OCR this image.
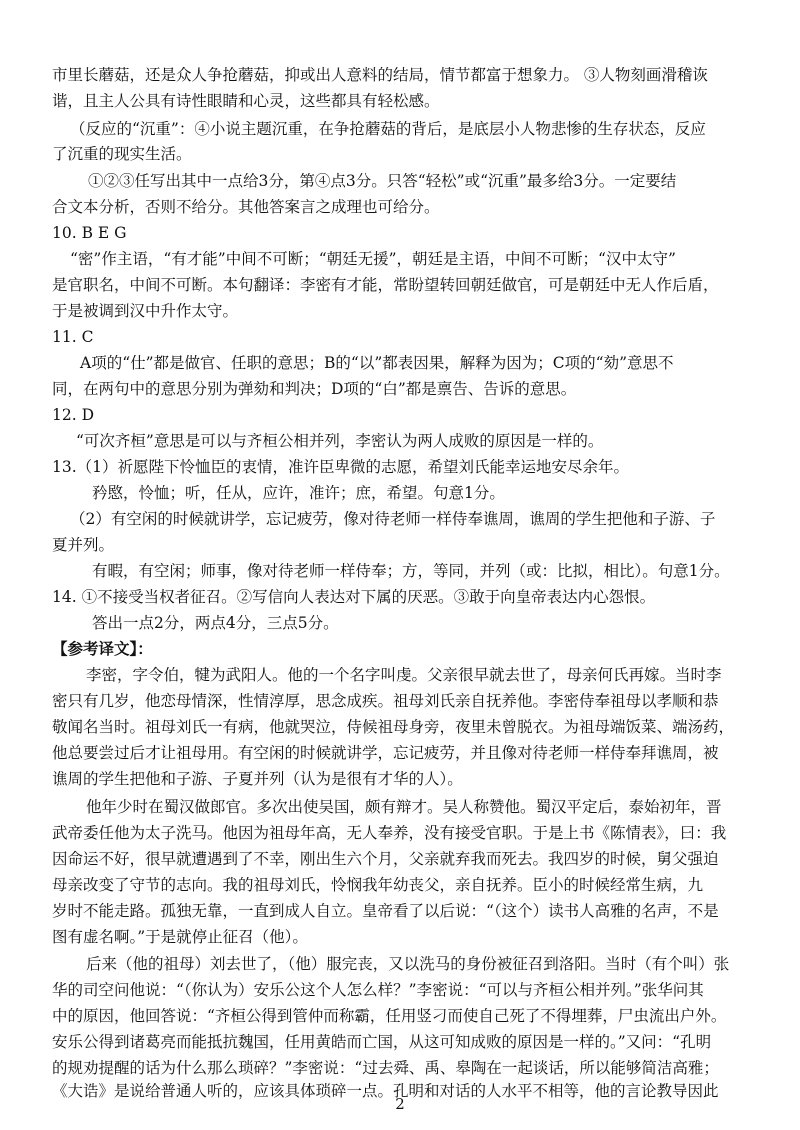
市里长蘑菇，还是众人争抢蘑菇，抑或出人意料的结局，情节都富于想象力。 ③人物刻画滑稽诙
谐，且主人公具有诗性眼睛和心灵，这些都具有轻松感。
（反应的“沉重”：④小说主题沉重，在争抢蘑菇的背后，是底层小人物悲惨的生存状态，反应
了沉重的现实生活。
①②③任写出其中一点给3分，第④点3分。只答“轻松”或“沉重”最多给3分。一定要结
合文本分析，否则不给分。其他答案言之成理也可给分。
10. B E G
“密”作主语，“有才能”中间不可断；“朝廷无援”，朝廷是主语，中间不可断；“汉中太守”
是官职名，中间不可断。本句翻译：李密有才能，常盼望转回朝廷做官，可是朝廷中无人作后盾，
于是被调到汉中升作太守。
11. C
A项的“仕”都是做官、任职的意思；B的“以”都表因果，解释为因为；C项的“劾”意思不
同，在两句中的意思分别为弹劾和判决；D项的“白”都是禀告、告诉的意思。
12. D
“可次齐桓”意思是可以与齐桓公相并列，李密认为两人成败的原因是一样的。
13.（1）祈愿陛下怜恤臣的衷情，准许臣卑微的志愿，希望刘氏能幸运地安尽余年。
矜愍，怜恤；听，任从，应许，准许；庶，希望。句意1分。
（2）有空闲的时候就讲学，忘记疲劳，像对待老师一样侍奉谯周，谯周的学生把他和子游、子
夏并列。
有暇，有空闲；师事，像对待老师一样侍奉；方，等同，并列（或：比拟，相比）。句意1分。
14. ①不接受当权者征召。②写信向人表达对下属的厌恶。③敢于向皇帝表达内心怨恨。
答出一点2分，两点4分，三点5分。
【参考译文】：
李密，字令伯，犍为武阳人。他的一个名字叫虔。父亲很早就去世了，母亲何氏再嫁。当时李
密只有几岁，他恋母情深，性情淳厚，思念成疾。祖母刘氏亲自抚养他。李密侍奉祖母以孝顺和恭
敬闻名当时。祖母刘氏一有病，他就哭泣，侍候祖母身旁，夜里未曾脱衣。为祖母端饭菜、端汤药，
他总要尝过后才让祖母用。有空闲的时候就讲学，忘记疲劳，并且像对待老师一样侍奉拜谯周，被
谯周的学生把他和子游、子夏并列（认为是很有才华的人）。
他年少时在蜀汉做郎官。多次出使吴国，颇有辩才。吴人称赞他。蜀汉平定后，泰始初年，晋
武帝委任他为太子洗马。他因为祖母年高，无人奉养，没有接受官职。于是上书《陈情表》，曰：我
因命运不好，很早就遭遇到了不幸，刚出生六个月，父亲就弃我而死去。我四岁的时候，舅父强迫
母亲改变了守节的志向。我的祖母刘氏，怜悯我年幼丧父，亲自抚养。臣小的时候经常生病，九
岁时不能走路。孤独无靠，一直到成人自立。皇帝看了以后说：“（这个）读书人高雅的名声，不是
图有虚名啊。”于是就停止征召（他）。
后来（他的祖母）刘去世了，（他）服完丧，又以洗马的身份被征召到洛阳。当时（有个叫）张
华的司空问他说：“（你认为）安乐公这个人怎么样？”李密说：“可以与齐桓公相并列。”张华问其
中的原因，他回答说：“齐桓公得到管仲而称霸，任用竖刁而使自己死了不得埋葬，尸虫流出户外。
安乐公得到诸葛亮而能抵抗魏国，任用黄皓而亡国，从这可知成败的原因是一样的。”又问：“孔明
的规劝提醒的话为什么那么琐碎？”李密说：“过去舜、禹、皋陶在一起谈话，所以能够简洁高雅；
《大诰》是说给普通人听的，应该具体琐碎一点。孔明和对话的人水平不相等，他的言论教导因此
2
